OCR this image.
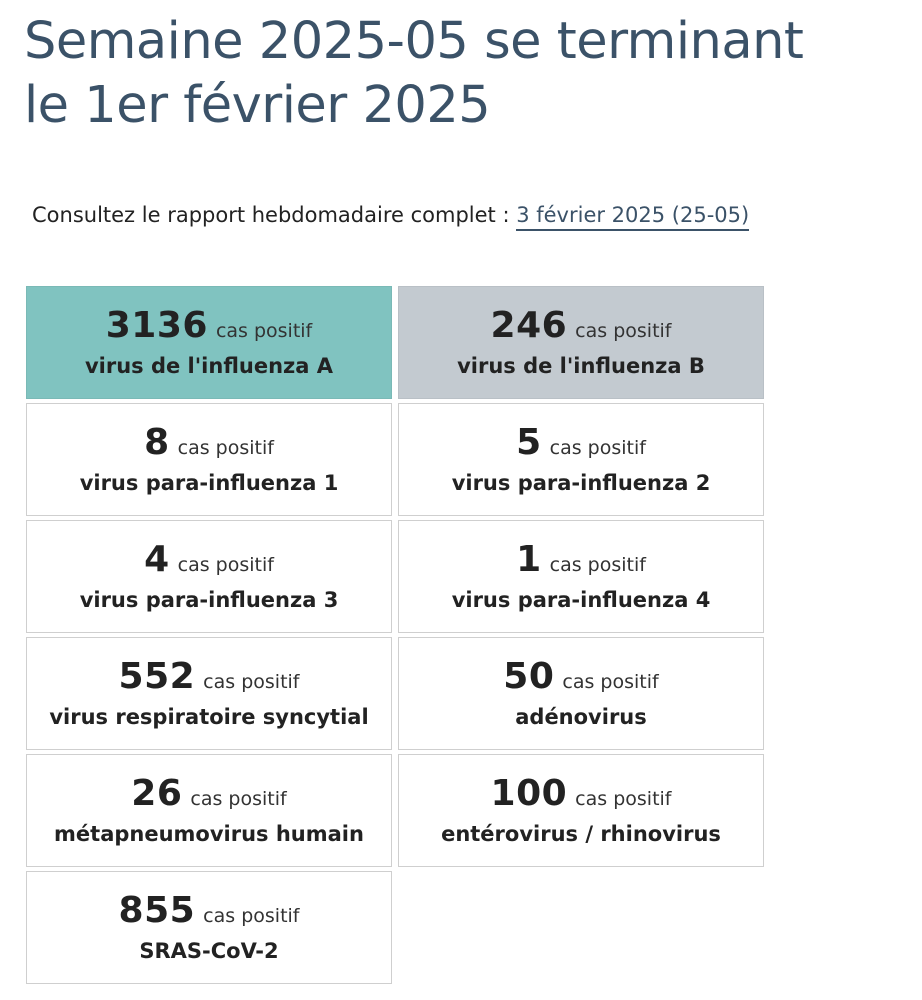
Semaine 2025-05 se terminant
le 1er février 2025
Consultez le rapport hebdomadaire complet : 3 février 2025 (25-05)
3136 cas positif
virus de l'influenza A
246 cas positif
virus de l'influenza B
8 cas positif
virus para-influenza 1
5 cas positif
virus para-influenza 2
4 cas positif
virus para-influenza 3
1 cas positif
virus para-influenza 4
552 cas positif
virus respiratoire syncytial
50 cas positif
adénovirus
26 cas positif
métapneumovirus humain
100 cas positif
entérovirus / rhinovirus
855 cas positif
SRAS-CoV-2
